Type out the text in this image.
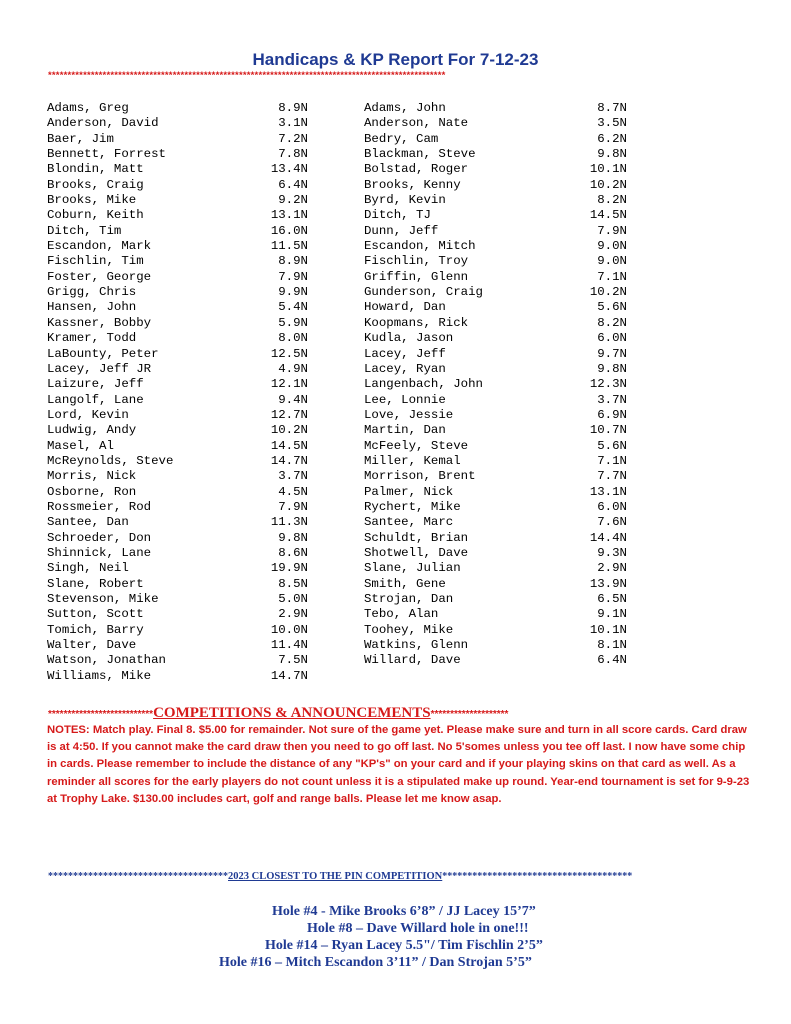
Handicaps & KP Report For 7-12-23
******************************************************************************************************
Adams, Greg	8.9N
Anderson, David	3.1N
Baer, Jim	7.2N
Bennett, Forrest	7.8N
Blondin, Matt	13.4N
Brooks, Craig	6.4N
Brooks, Mike	9.2N
Coburn, Keith	13.1N
Ditch, Tim	16.0N
Escandon, Mark	11.5N
Fischlin, Tim	8.9N
Foster, George	7.9N
Grigg, Chris	9.9N
Hansen, John	5.4N
Kassner, Bobby	5.9N
Kramer, Todd	8.0N
LaBounty, Peter	12.5N
Lacey, Jeff JR	4.9N
Laizure, Jeff	12.1N
Langolf, Lane	9.4N
Lord, Kevin	12.7N
Ludwig, Andy	10.2N
Masel, Al	14.5N
McReynolds, Steve	14.7N
Morris, Nick	3.7N
Osborne, Ron	4.5N
Rossmeier, Rod	7.9N
Santee, Dan	11.3N
Schroeder, Don	9.8N
Shinnick, Lane	8.6N
Singh, Neil	19.9N
Slane, Robert	8.5N
Stevenson, Mike	5.0N
Sutton, Scott	2.9N
Tomich, Barry	10.0N
Walter, Dave	11.4N
Watson, Jonathan	7.5N
Williams, Mike	14.7N
Adams, John	8.7N
Anderson, Nate	3.5N
Bedry, Cam	6.2N
Blackman, Steve	9.8N
Bolstad, Roger	10.1N
Brooks, Kenny	10.2N
Byrd, Kevin	8.2N
Ditch, TJ	14.5N
Dunn, Jeff	7.9N
Escandon, Mitch	9.0N
Fischlin, Troy	9.0N
Griffin, Glenn	7.1N
Gunderson, Craig	10.2N
Howard, Dan	5.6N
Koopmans, Rick	8.2N
Kudla, Jason	6.0N
Lacey, Jeff	9.7N
Lacey, Ryan	9.8N
Langenbach, John	12.3N
Lee, Lonnie	3.7N
Love, Jessie	6.9N
Martin, Dan	10.7N
McFeely, Steve	5.6N
Miller, Kemal	7.1N
Morrison, Brent	7.7N
Palmer, Nick	13.1N
Rychert, Mike	6.0N
Santee, Marc	7.6N
Schuldt, Brian	14.4N
Shotwell, Dave	9.3N
Slane, Julian	2.9N
Smith, Gene	13.9N
Strojan, Dan	6.5N
Tebo, Alan	9.1N
Toohey, Mike	10.1N
Watkins, Glenn	8.1N
Willard, Dave	6.4N
***************************COMPETITIONS & ANNOUNCEMENTS********************
NOTES: Match play. Final 8. $5.00 for remainder. Not sure of the game yet. Please make sure and turn in all score cards. Card draw is at 4:50. If you cannot make the card draw then you need to go off last. No 5'somes unless you tee off last. I now have some chip in cards. Please remember to include the distance of any "KP's" on your card and if your playing skins on that card as well. As a reminder all scores for the early players do not count unless it is a stipulated make up round. Year-end tournament is set for 9-9-23 at Trophy Lake. $130.00 includes cart, golf and range balls. Please let me know asap.
************************************2023 CLOSEST TO THE PIN COMPETITION**************************************
Hole #4 - Mike Brooks 6’8” / JJ Lacey 15’7”
Hole #8 – Dave Willard hole in one!!!
Hole #14 – Ryan Lacey 5.5"/ Tim Fischlin 2’5”
Hole #16 – Mitch Escandon 3’11” / Dan Strojan 5’5”
